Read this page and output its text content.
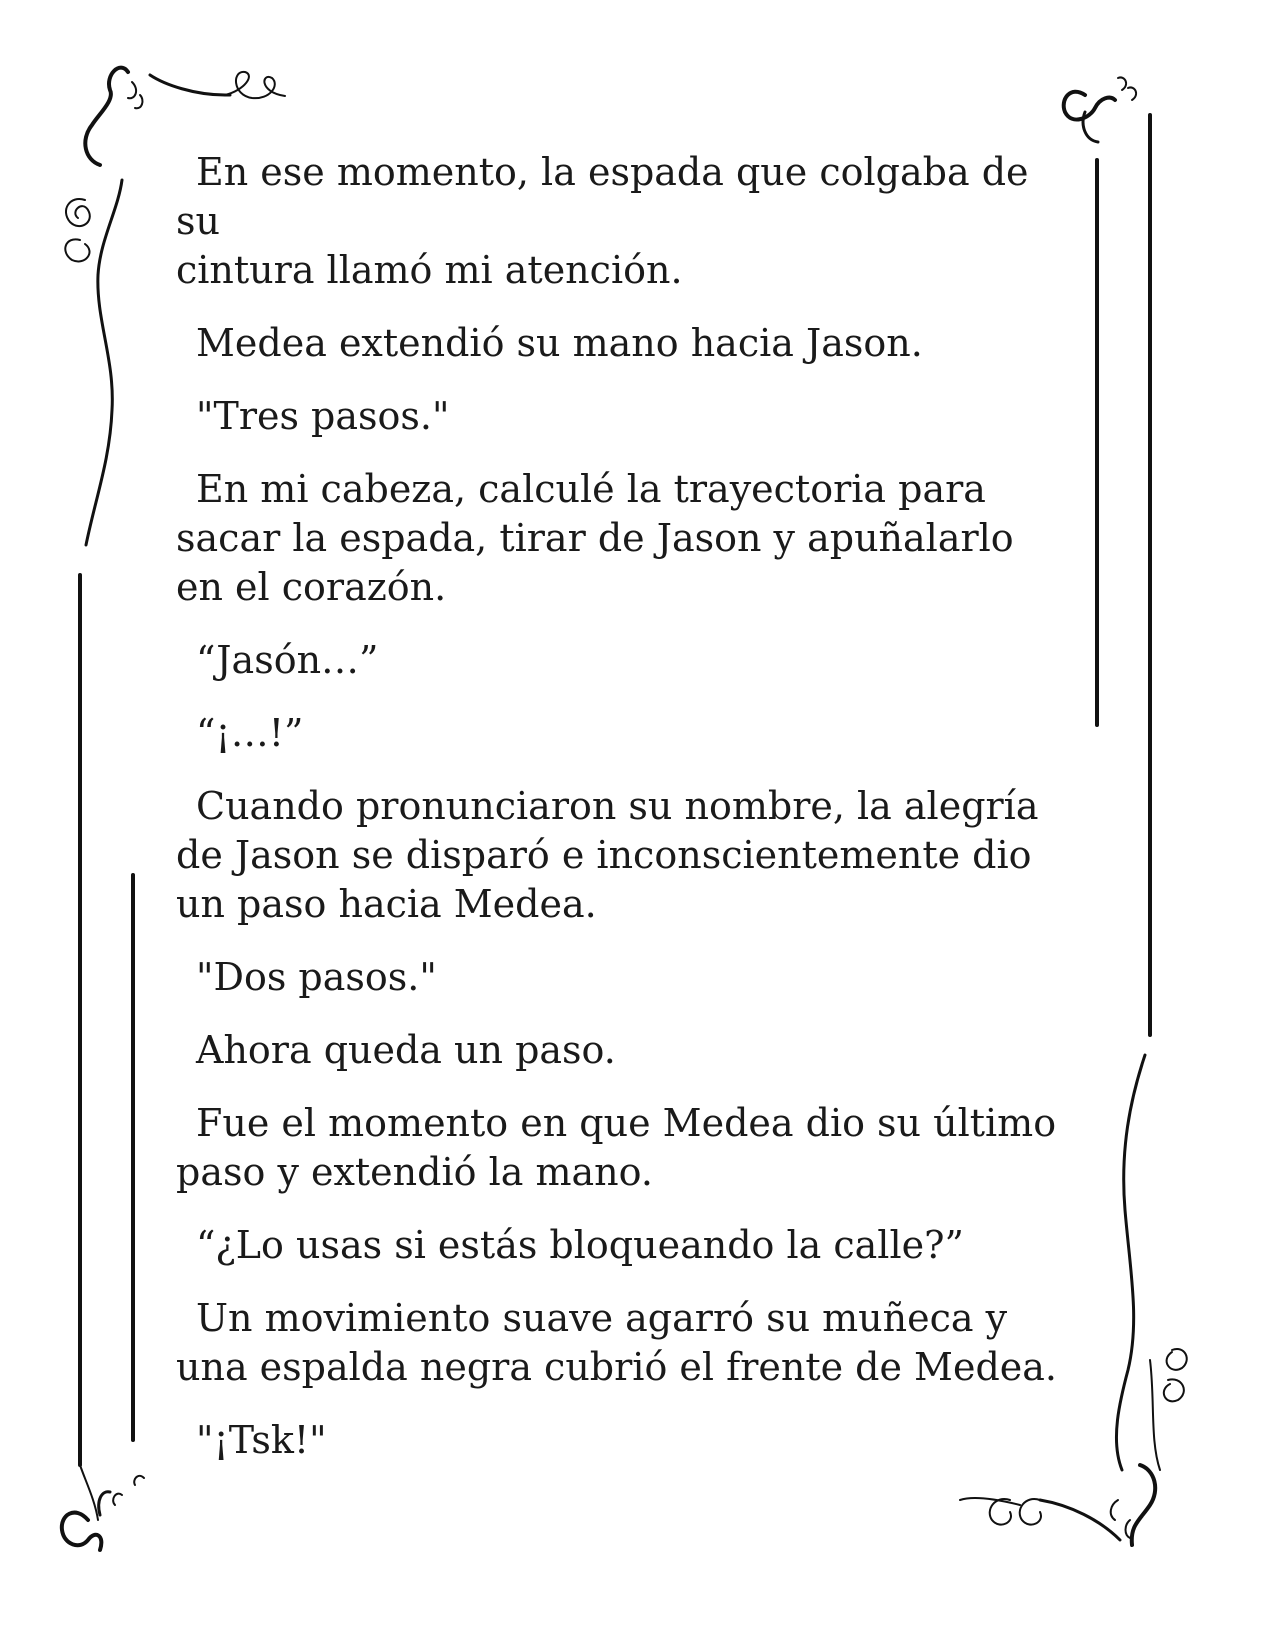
En ese momento, la espada que colgaba de su
cintura llamó mi atención.

Medea extendió su mano hacia Jason.

"Tres pasos."

En mi cabeza, calculé la trayectoria para
sacar la espada, tirar de Jason y apuñalarlo
en el corazón.

“Jasón…”

“¡…!”

Cuando pronunciaron su nombre, la alegría
de Jason se disparó e inconscientemente dio
un paso hacia Medea.

"Dos pasos."

Ahora queda un paso.

Fue el momento en que Medea dio su último
paso y extendió la mano.

“¿Lo usas si estás bloqueando la calle?”

Un movimiento suave agarró su muñeca y
una espalda negra cubrió el frente de Medea.

"¡Tsk!"
